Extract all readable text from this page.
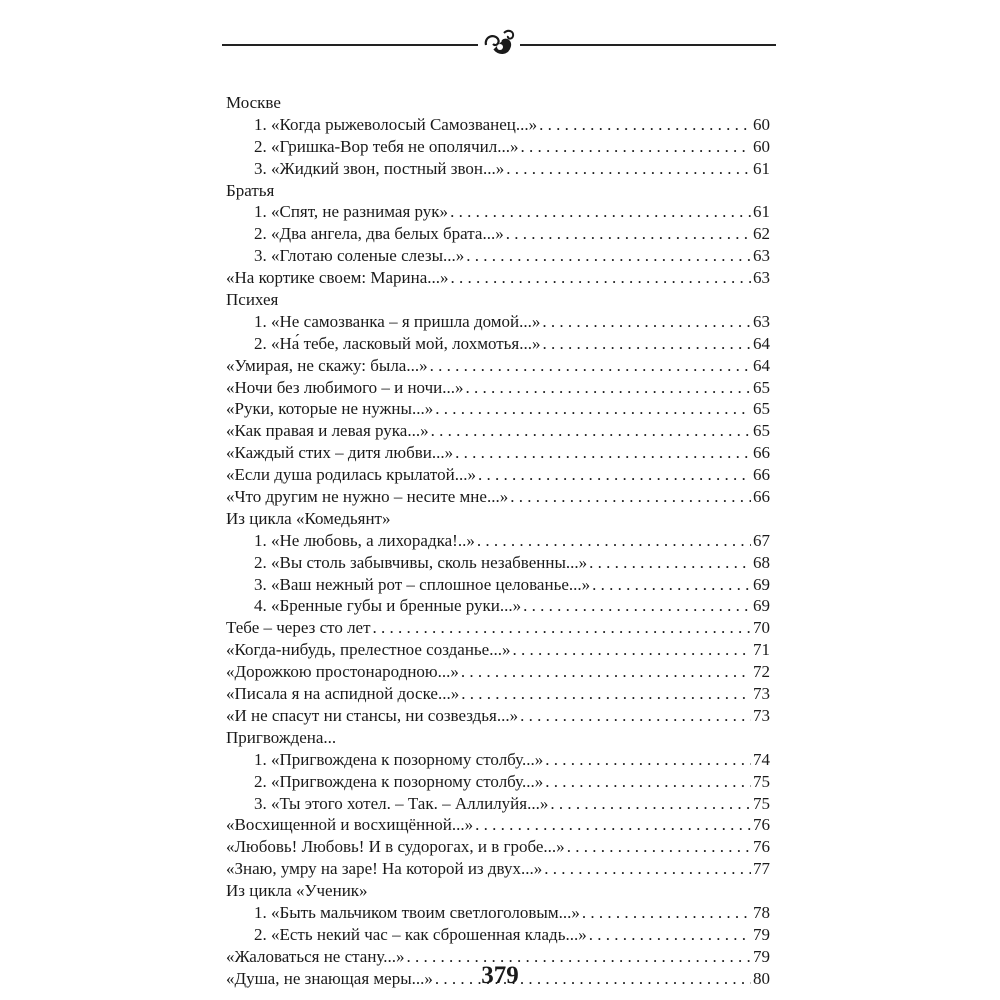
Москве
1. «Когда рыжеволосый Самозванец...» . . .	60
2. «Гришка-Вор тебя не ополячил...» . . .	60
3. «Жидкий звон, постный звон...» . . .	61
Братья
1. «Спят, не разнимая рук» . . .	61
2. «Два ангела, два белых брата...» . . .	62
3. «Глотаю соленые слезы...» . . .	63
«На кортике своем: Марина...» . . .	63
Психея
1. «Не самозванка – я пришла домой...» . . .	63
2. «На́ тебе, ласковый мой, лохмотья...» . . .	64
«Умирая, не скажу: была...» . . .	64
«Ночи без любимого – и ночи...» . . .	65
«Руки, которые не нужны...» . . .	65
«Как правая и левая рука...» . . .	65
«Каждый стих – дитя любви...» . . .	66
«Если душа родилась крылатой...» . . .	66
«Что другим не нужно – несите мне...» . . .	66
Из цикла «Комедьянт»
1. «Не любовь, а лихорадка!..» . . .	67
2. «Вы столь забывчивы, сколь незабвенны...» . . .	68
3. «Ваш нежный рот – сплошное целованье...» . . .	69
4. «Бренные губы и бренные руки...» . . .	69
Тебе – через сто лет . . .	70
«Когда-нибудь, прелестное созданье...» . . .	71
«Дорожкою простонародною...» . . .	72
«Писала я на аспидной доске...» . . .	73
«И не спасут ни стансы, ни созвездья...» . . .	73
Пригвождена...
1. «Пригвождена к позорному столбу...» . . .	74
2. «Пригвождена к позорному столбу...» . . .	75
3. «Ты этого хотел. – Так. – Аллилуйя...» . . .	75
«Восхищенной и восхищённой...» . . .	76
«Любовь! Любовь! И в судорогах, и в гробе...» . . .	76
«Знаю, умру на заре! На которой из двух...» . . .	77
Из цикла «Ученик»
1. «Быть мальчиком твоим светлоголовым...» . . .	78
2. «Есть некий час – как сброшенная кладь...» . . .	79
«Жаловаться не стану...» . . .	79
«Душа, не знающая меры...» . . .	80
379
